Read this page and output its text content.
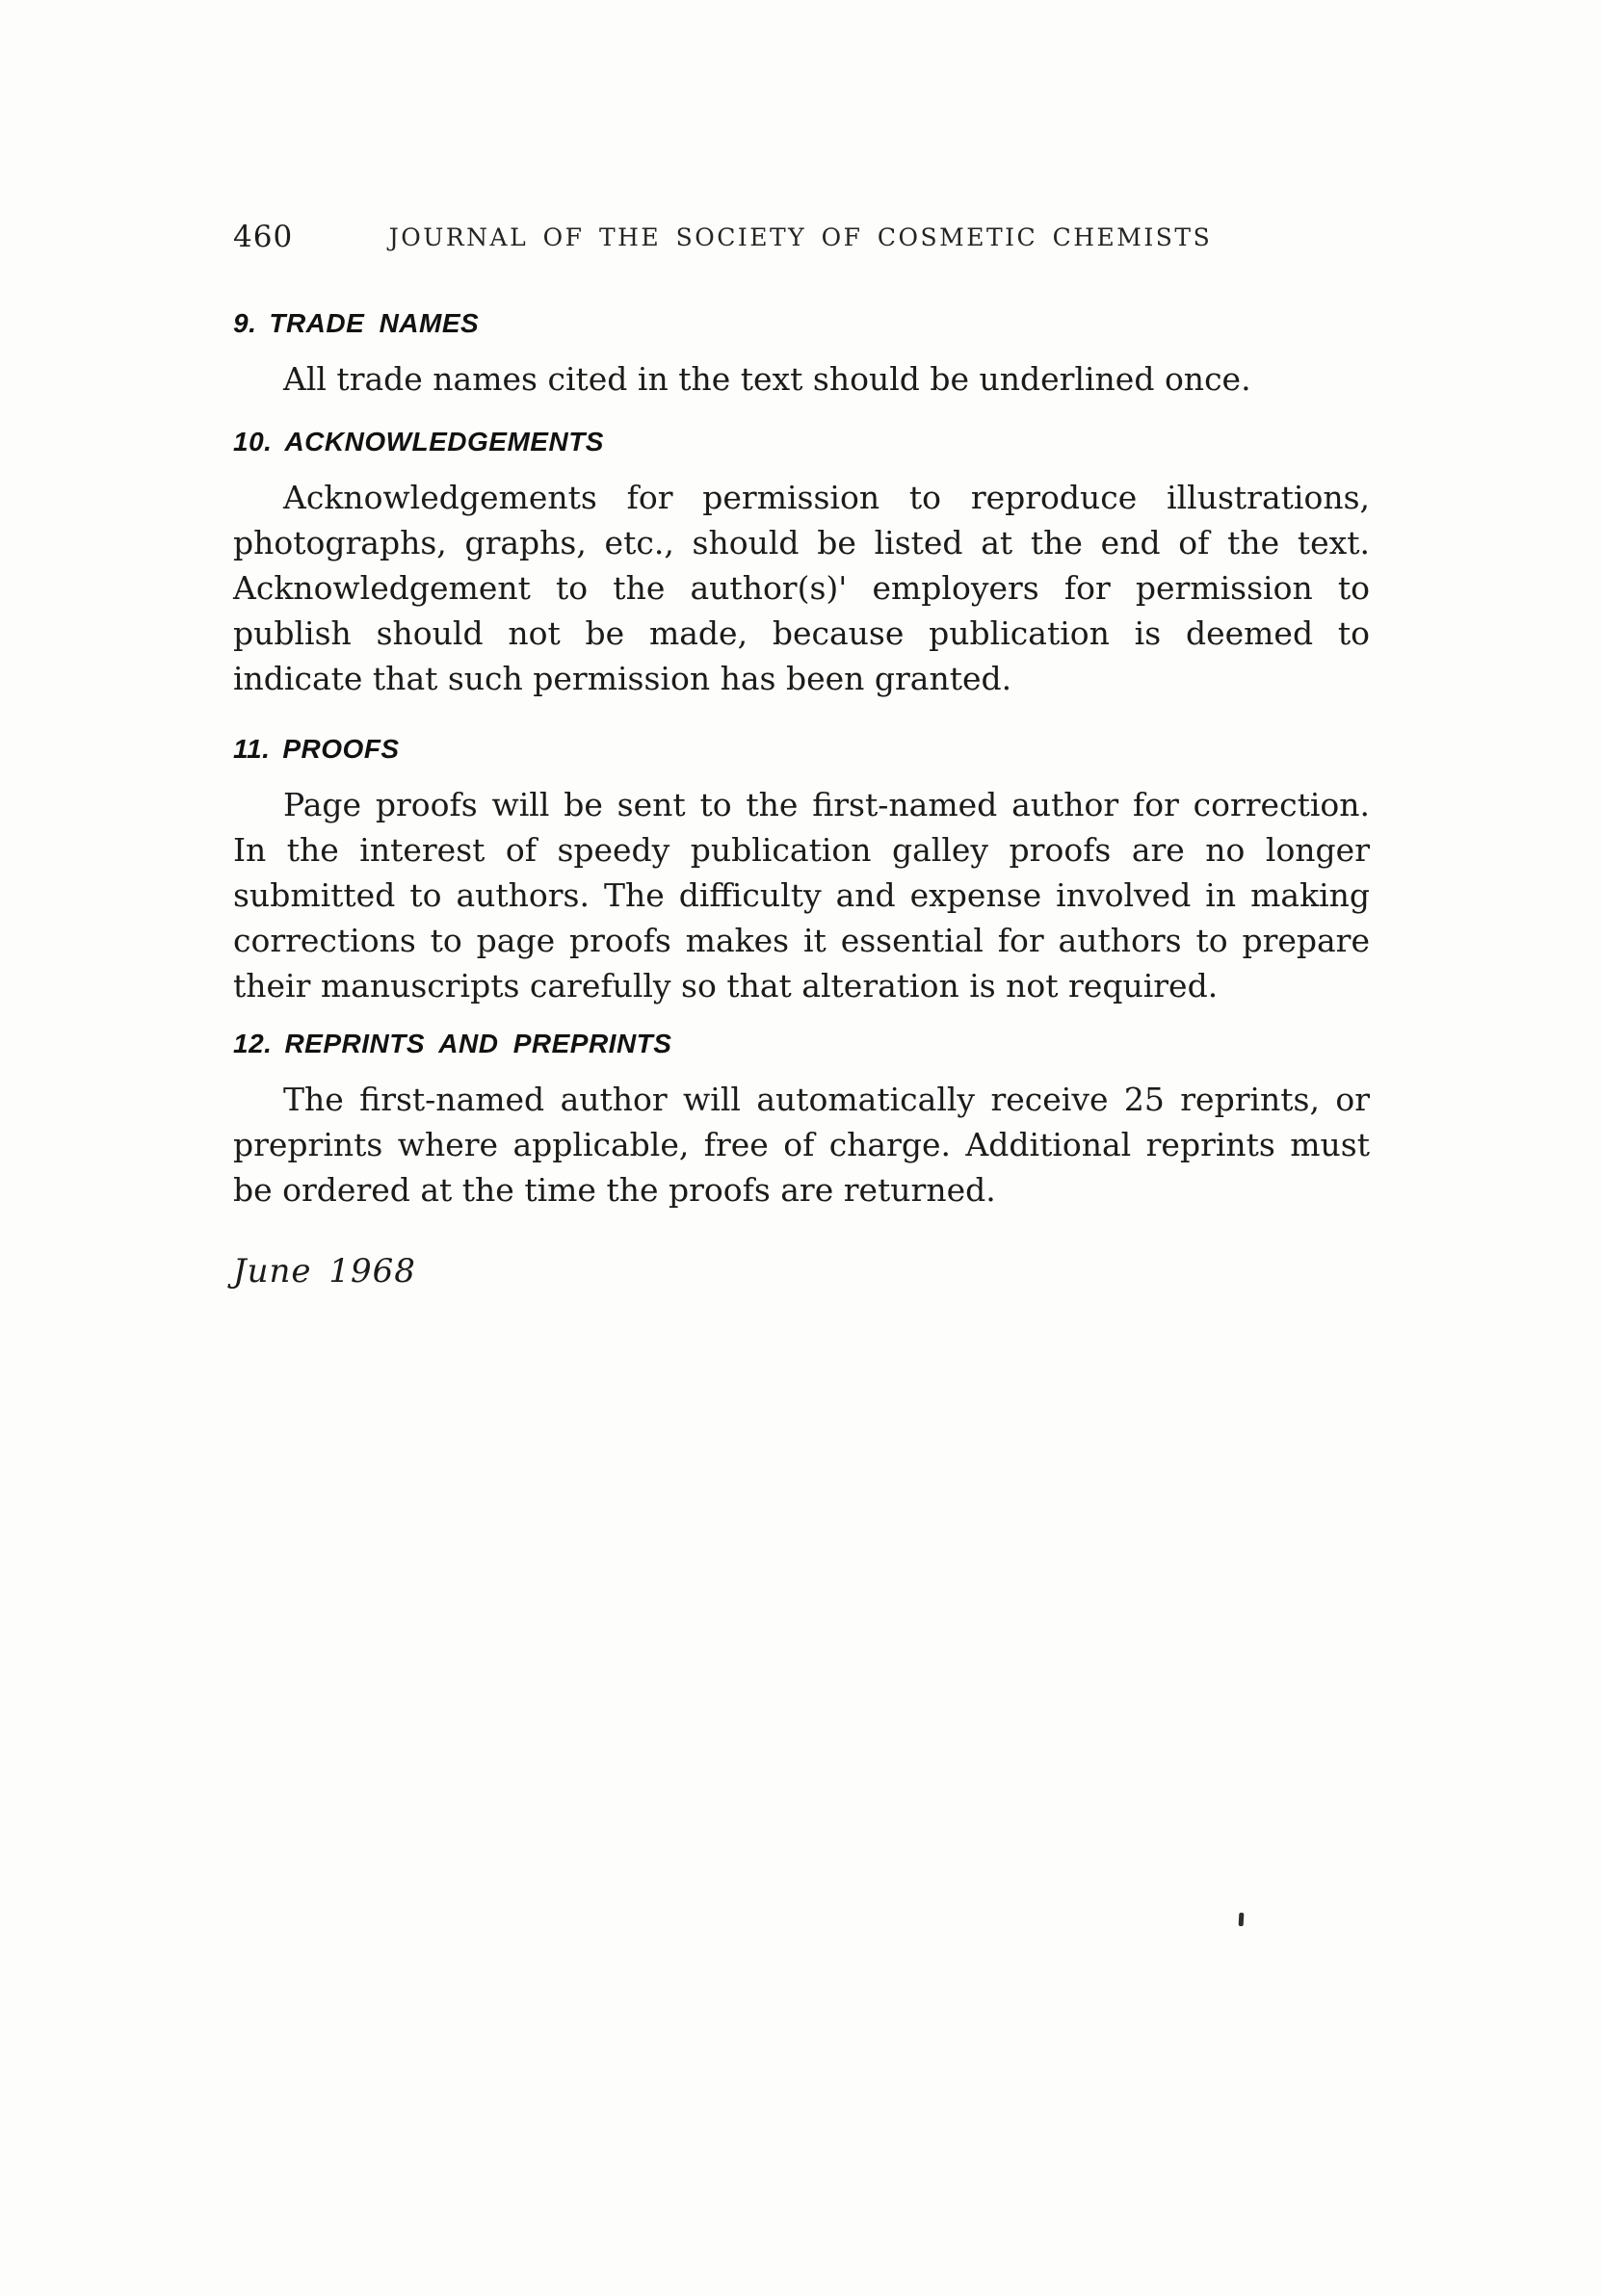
460	JOURNAL OF THE SOCIETY OF COSMETIC CHEMISTS
9. TRADE NAMES

All trade names cited in the text should be underlined once.

10. ACKNOWLEDGEMENTS

Acknowledgements for permission to reproduce illustrations, photographs, graphs, etc., should be listed at the end of the text. Acknowledgement to the author(s)' employers for permission to publish should not be made, because publication is deemed to indicate that such permission has been granted.

11. PROOFS

Page proofs will be sent to the first-named author for correction. In the interest of speedy publication galley proofs are no longer submitted to authors. The difficulty and expense involved in making corrections to page proofs makes it essential for authors to prepare their manuscripts carefully so that alteration is not required.

12. REPRINTS AND PREPRINTS

The first-named author will automatically receive 25 reprints, or preprints where applicable, free of charge. Additional reprints must be ordered at the time the proofs are returned.

June 1968
